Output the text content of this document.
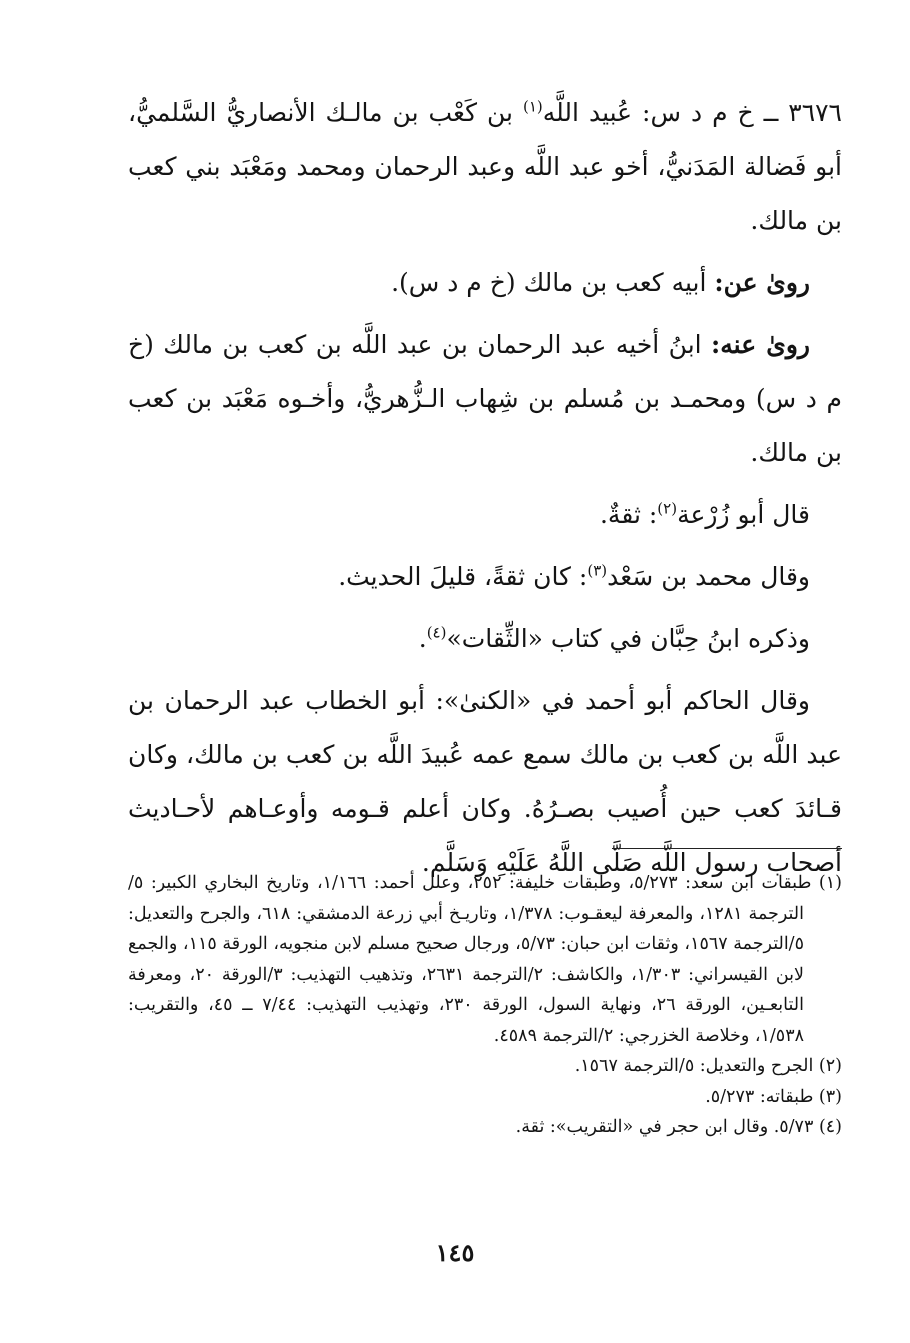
٣٦٧٦ ــ خ م د س: عُبيد اللَّه$^{(١)}$ بن كَعْب بن مالـك الأنصاريُّ السَّلميُّ، أبو فَضالة المَدَنيُّ، أخو عبد اللَّه وعبد الرحمان ومحمد ومَعْبَد بني كعب بن مالك.

روىٰ عن: أبيه كعب بن مالك (خ م د س).

روىٰ عنه: ابنُ أخيه عبد الرحمان بن عبد اللَّه بن كعب بن مالك (خ م د س) ومحمـد بن مُسلم بن شِهاب الـزُّهريُّ، وأخـوه مَعْبَد بن كعب بن مالك.

قال أبو زُرْعة$^{(٢)}$: ثقةٌ.

وقال محمد بن سَعْد$^{(٣)}$: كان ثقةً، قليلَ الحديث.

وذكره ابنُ حِبَّان في كتاب «الثِّقات»$^{(٤)}$.

وقال الحاكم أبو أحمد في «الكنىٰ»: أبو الخطاب عبد الرحمان بن عبد اللَّه بن كعب بن مالك سمع عمه عُبيدَ اللَّه بن كعب بن مالك، وكان قـائدَ كعب حين أُصيب بصـرُهُ. وكان أعلم قـومه وأوعـاهم لأحـاديث أصحاب رسول اللَّه صَلَّى اللَّهُ عَلَيْهِ وَسَلَّم.

(١) طبقات ابن سعد: ٥/٢٧٣، وطبقات خليفة: ٢٥٢، وعلل أحمد: ١/١٦٦، وتاريخ البخاري الكبير: ٥/الترجمة ١٢٨١، والمعرفة ليعقـوب: ١/٣٧٨، وتاريـخ أبي زرعة الدمشقي: ٦١٨، والجرح والتعديل: ٥/الترجمة ١٥٦٧، وثقات ابن حبان: ٥/٧٣، ورجال صحيح مسلم لابن منجويه، الورقة ١١٥، والجمع لابن القيسراني: ١/٣٠٣، والكاشف: ٢/الترجمة ٢٦٣١، وتذهيب التهذيب: ٣/الورقة ٢٠، ومعرفة التابعـين، الورقة ٢٦، ونهاية السول، الورقة ٢٣٠، وتهذيب التهذيب: ٧/٤٤ ــ ٤٥، والتقريب: ١/٥٣٨، وخلاصة الخزرجي: ٢/الترجمة ٤٥٨٩.

(٢) الجرح والتعديل: ٥/الترجمة ١٥٦٧.

(٣) طبقاته: ٥/٢٧٣.

(٤) ٥/٧٣. وقال ابن حجر في «التقريب»: ثقة.

١٤٥
